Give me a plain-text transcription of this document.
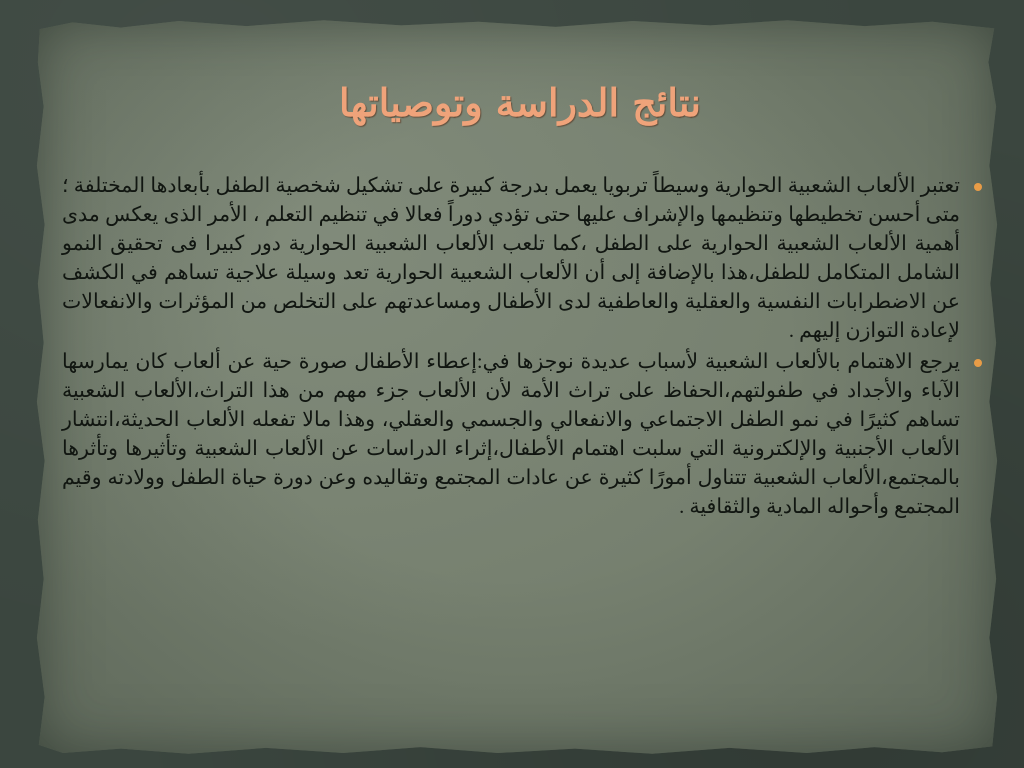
نتائج الدراسة وتوصياتها
تعتبر الألعاب الشعبية الحوارية وسيطاً تربويا يعمل بدرجة كبيرة على تشكيل شخصية الطفل بأبعادها المختلفة ؛ متى أحسن تخطيطها وتنظيمها والإشراف عليها حتى تؤدي دوراً فعالا في تنظيم التعلم ، الأمر الذى يعكس مدى أهمية الألعاب الشعبية الحوارية على الطفل ،كما تلعب الألعاب الشعبية الحوارية دور كبيرا فى تحقيق النمو الشامل المتكامل للطفل،هذا بالإضافة إلى أن الألعاب الشعبية الحوارية تعد وسيلة علاجية تساهم في الكشف عن الاضطرابات النفسية والعقلية والعاطفية لدى الأطفال ومساعدتهم على التخلص من المؤثرات والانفعالات لإعادة التوازن إليهم .
يرجع الاهتمام بالألعاب الشعبية لأسباب عديدة نوجزها في:إعطاء الأطفال صورة حية عن ألعاب كان يمارسها الآباء والأجداد في طفولتهم،الحفاظ على تراث الأمة لأن الألعاب جزء مهم من هذا التراث،الألعاب الشعبية تساهم كثيرًا في نمو الطفل الاجتماعي والانفعالي والجسمي والعقلي، وهذا مالا تفعله الألعاب الحديثة،انتشار الألعاب الأجنبية والإلكترونية التي سلبت اهتمام الأطفال،إثراء الدراسات عن الألعاب الشعبية وتأثيرها وتأثرها بالمجتمع،الألعاب الشعبية تتناول أمورًا كثيرة عن عادات المجتمع وتقاليده وعن دورة حياة الطفل وولادته وقيم المجتمع وأحواله المادية والثقافية .
